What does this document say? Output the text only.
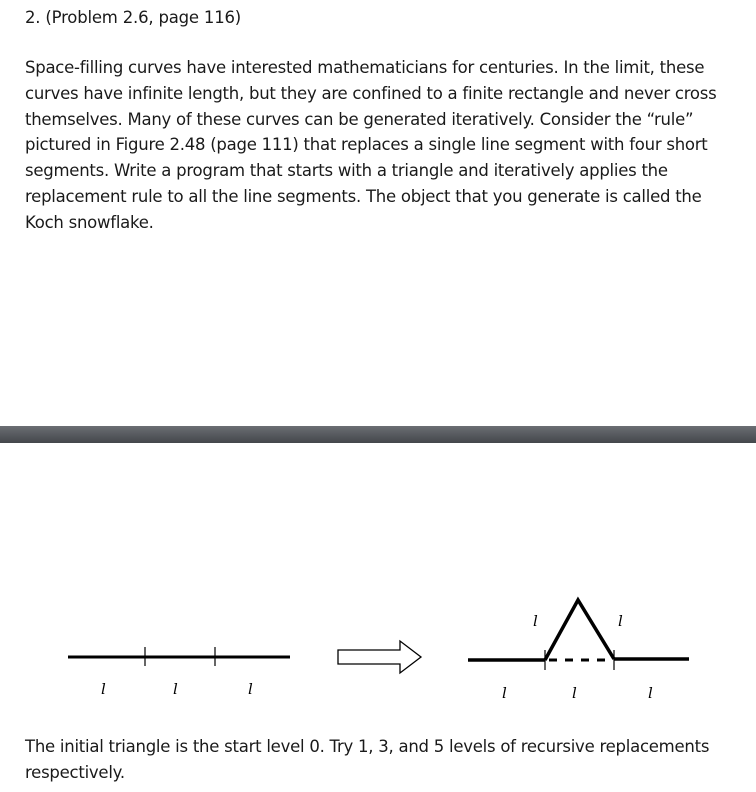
2. (Problem 2.6, page 116)

Space-filling curves have interested mathematicians for centuries. In the limit, these curves have infinite length, but they are confined to a finite rectangle and never cross themselves. Many of these curves can be generated iteratively. Consider the “rule” pictured in Figure 2.48 (page 111) that replaces a single line segment with four short segments. Write a program that starts with a triangle and iteratively applies the replacement rule to all the line segments. The object that you generate is called the Koch snowflake.

l	l	l
l	l
l	l	l

The initial triangle is the start level 0. Try 1, 3, and 5 levels of recursive replacements respectively.
